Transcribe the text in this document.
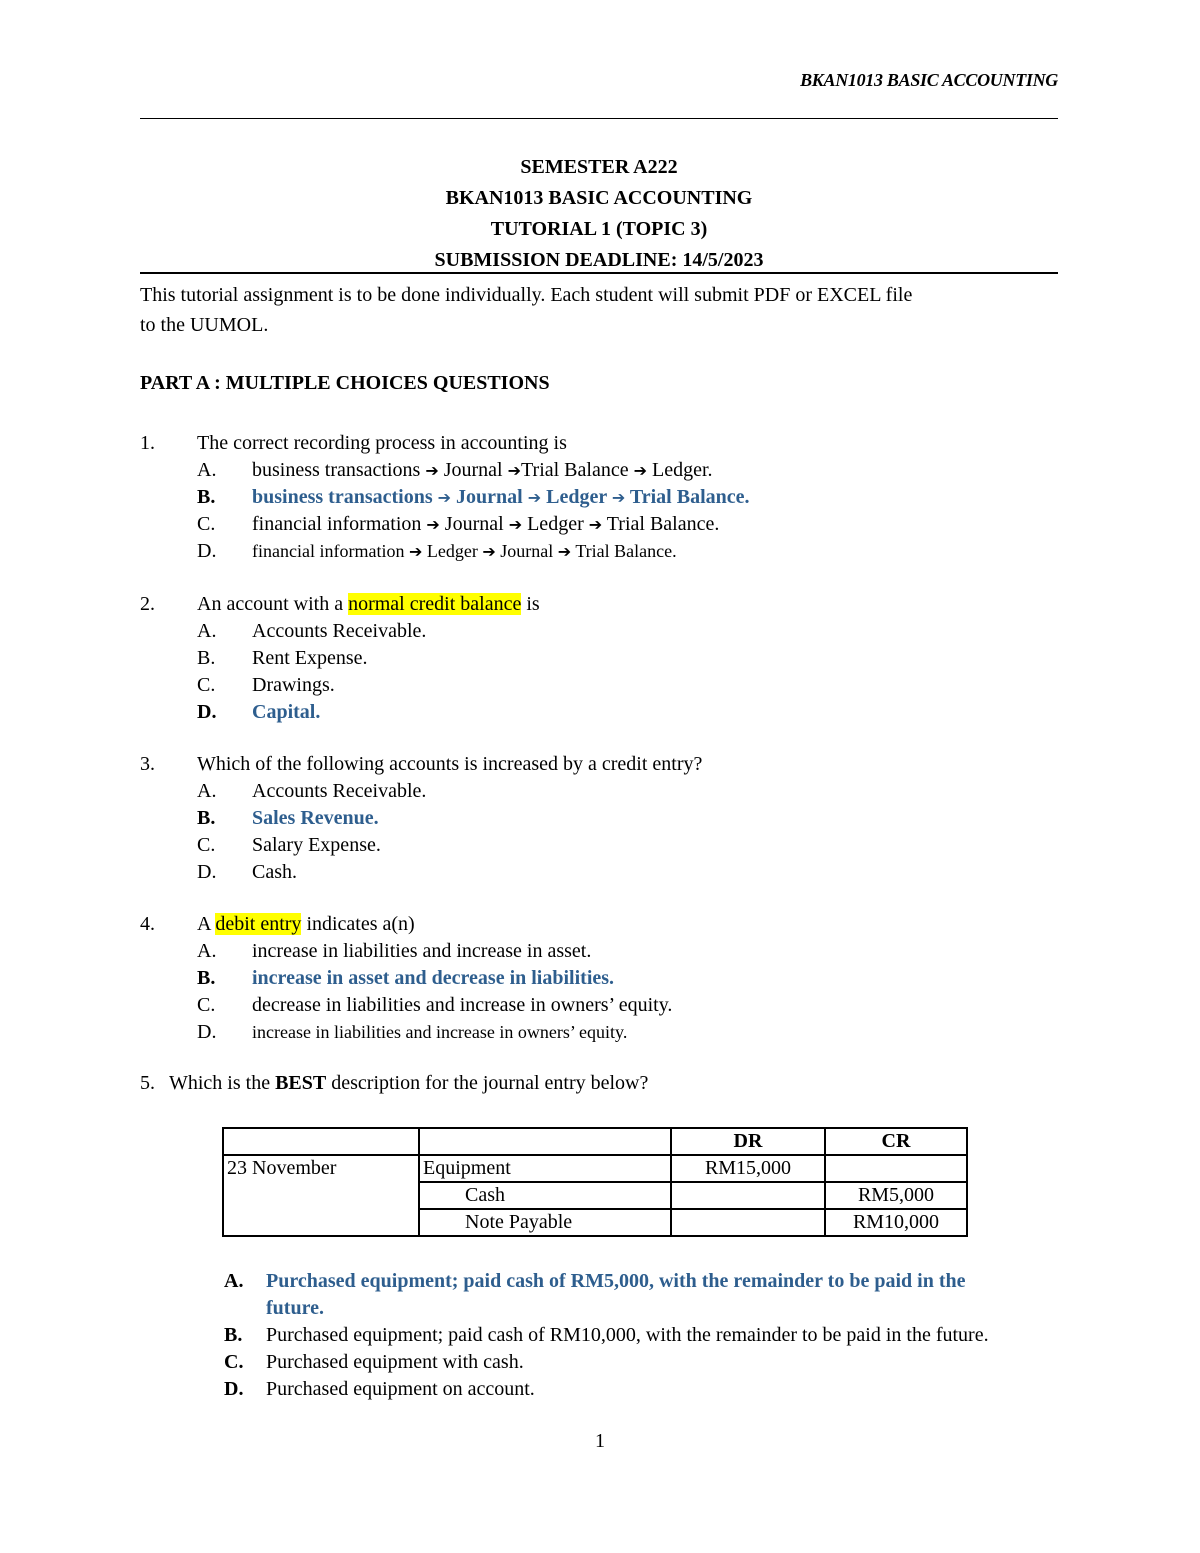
BKAN1013 BASIC ACCOUNTING
SEMESTER A222
BKAN1013 BASIC ACCOUNTING
TUTORIAL 1 (TOPIC 3)
SUBMISSION DEADLINE: 14/5/2023
This tutorial assignment is to be done individually. Each student will submit PDF or EXCEL file
to the UUMOL.
PART A : MULTIPLE CHOICES QUESTIONS
1. The correct recording process in accounting is
A. business transactions ➔ Journal ➔Trial Balance ➔ Ledger.
B. business transactions ➔ Journal ➔ Ledger ➔ Trial Balance.
C. financial information ➔ Journal ➔ Ledger ➔ Trial Balance.
D. financial information ➔ Ledger ➔ Journal ➔ Trial Balance.
2. An account with a normal credit balance is
A. Accounts Receivable.
B. Rent Expense.
C. Drawings.
D. Capital.
3. Which of the following accounts is increased by a credit entry?
A. Accounts Receivable.
B. Sales Revenue.
C. Salary Expense.
D. Cash.
4. A debit entry indicates a(n)
A. increase in liabilities and increase in asset.
B. increase in asset and decrease in liabilities.
C. decrease in liabilities and increase in owners’ equity.
D. increase in liabilities and increase in owners’ equity.
5. Which is the BEST description for the journal entry below?
		DR	CR
23 November	Equipment	RM15,000	
	Cash		RM5,000
	Note Payable		RM10,000
A. Purchased equipment; paid cash of RM5,000, with the remainder to be paid in the
future.
B. Purchased equipment; paid cash of RM10,000, with the remainder to be paid in the future.
C. Purchased equipment with cash.
D. Purchased equipment on account.
1
